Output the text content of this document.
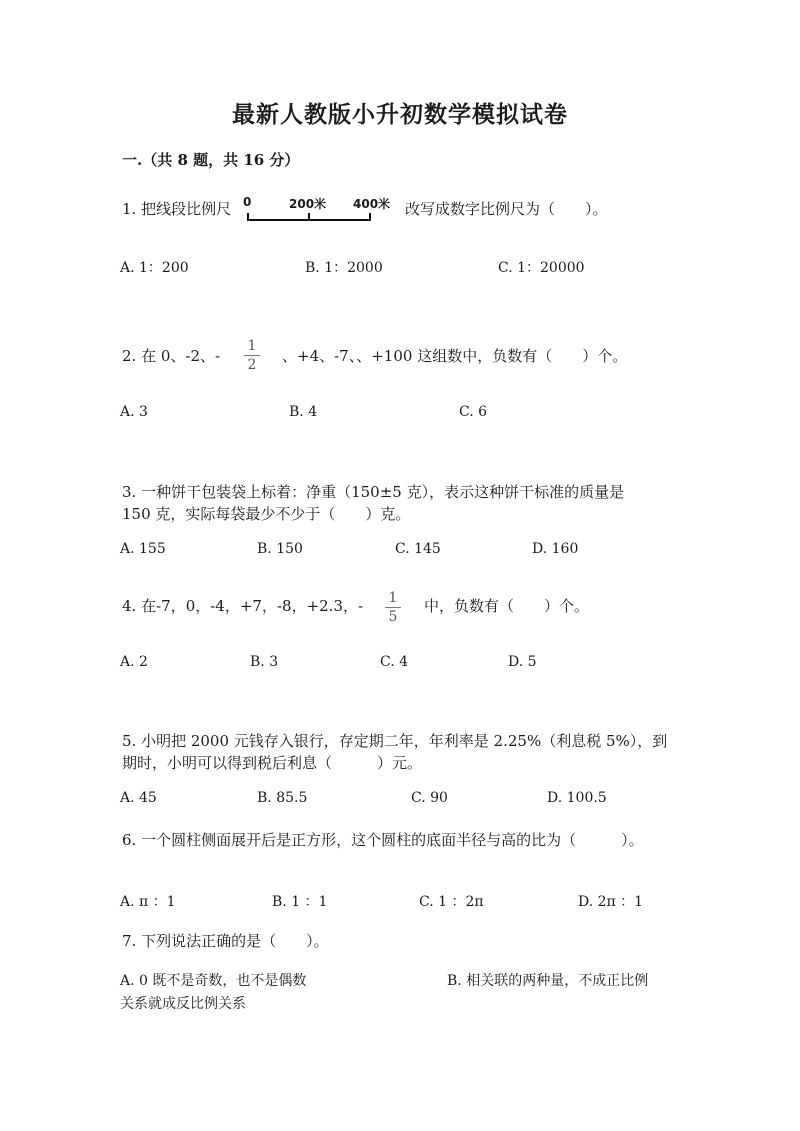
最新人教版小升初数学模拟试卷
一.（共 8 题，共 16 分）
1. 把线段比例尺 0	200米 400米 改写成数字比例尺为（　　）。
A. 1：200	B. 1：2000	C. 1：20000
2. 在 0、-2、-
1
2 、+4、-7、、+100 这组数中，负数有（　　）个。
A. 3	B. 4	C. 6
3. 一种饼干包装袋上标着：净重（150±5 克），表示这种饼干标准的质量是
150 克，实际每袋最少不少于（　　）克。
A. 155	B. 150	C. 145	D. 160
4. 在-7，0，-4，+7，-8，+2.3，- 1
5
中，负数有（　　）个。
A. 2	B. 3	C. 4	D. 5
5. 小明把 2000 元钱存入银行，存定期二年，年利率是 2.25%（利息税 5%），到
期时，小明可以得到税后利息（　　　）元。
A. 45	B. 85.5	C. 90	D. 100.5
6. 一个圆柱侧面展开后是正方形，这个圆柱的底面半径与高的比为（　　　）。
A. π ：1	B. 1 ：1	C. 1 ：2π	D. 2π ：1
7. 下列说法正确的是（　　）。
A. 0 既不是奇数，也不是偶数	B. 相关联的两种量，不成正比例
关系就成反比例关系
